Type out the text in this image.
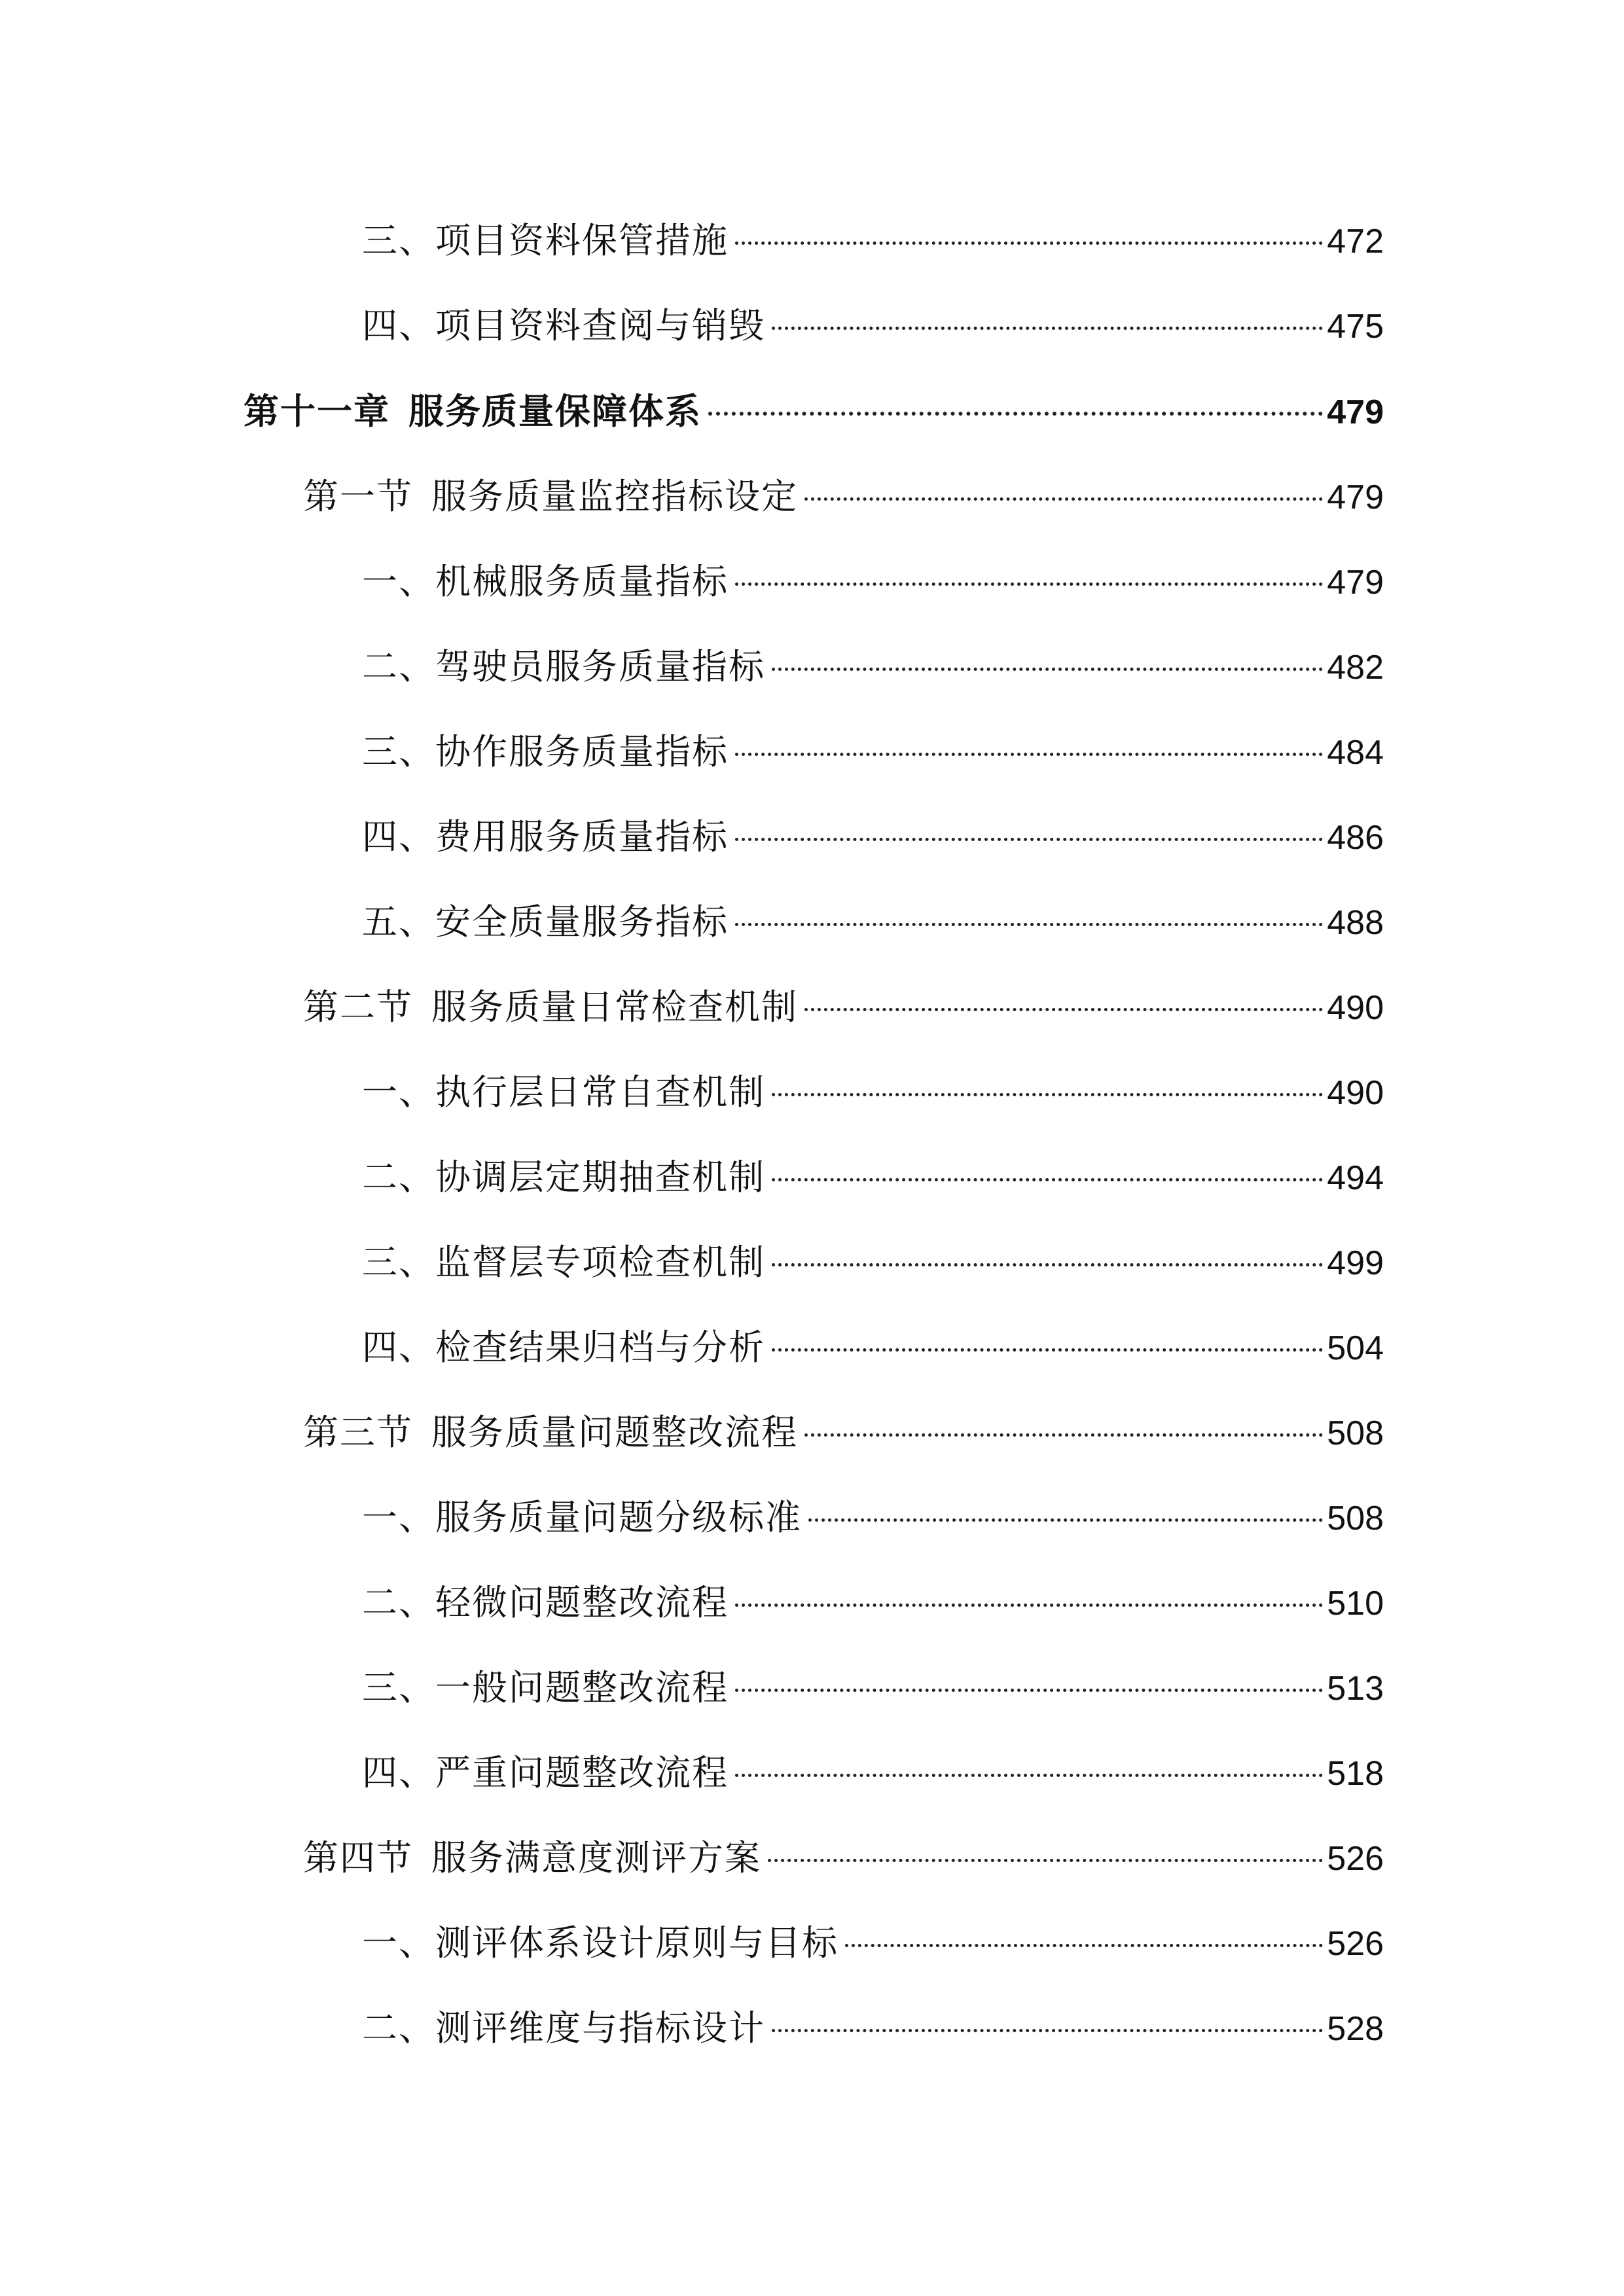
三、项目资料保管措施	472
四、项目资料查阅与销毁	475
第十一章 服务质量保障体系	479
第一节 服务质量监控指标设定	479
一、机械服务质量指标	479
二、驾驶员服务质量指标	482
三、协作服务质量指标	484
四、费用服务质量指标	486
五、安全质量服务指标	488
第二节 服务质量日常检查机制	490
一、执行层日常自查机制	490
二、协调层定期抽查机制	494
三、监督层专项检查机制	499
四、检查结果归档与分析	504
第三节 服务质量问题整改流程	508
一、服务质量问题分级标准	508
二、轻微问题整改流程	510
三、一般问题整改流程	513
四、严重问题整改流程	518
第四节 服务满意度测评方案	526
一、测评体系设计原则与目标	526
二、测评维度与指标设计	528
